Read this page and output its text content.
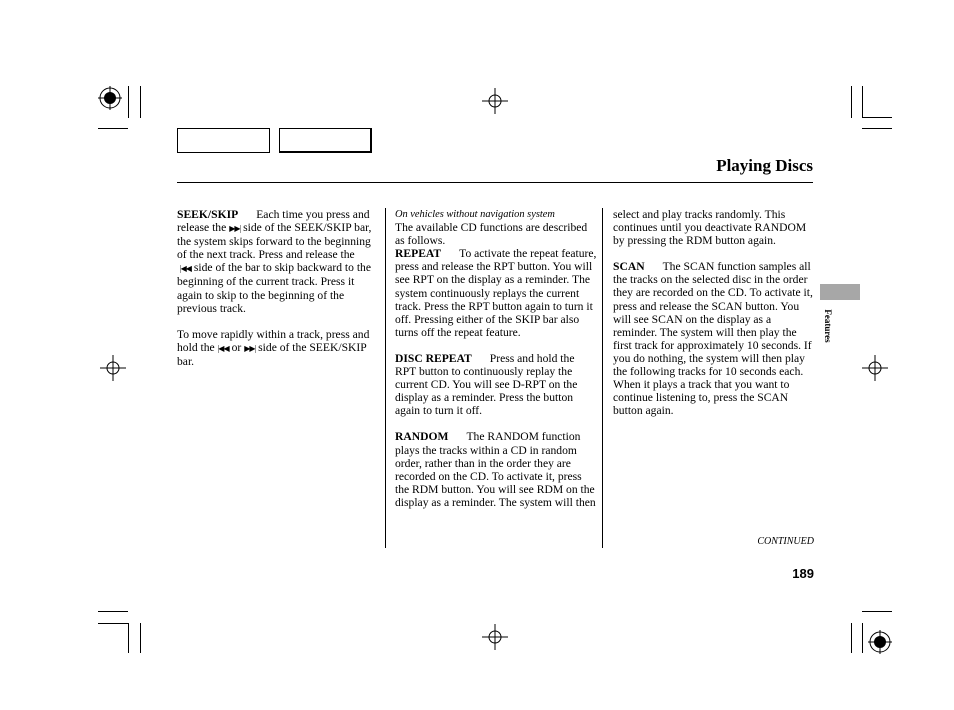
Playing Discs

SEEK/SKIP Each time you press and release the ▶▶| side of the SEEK/SKIP bar, the system skips forward to the beginning of the next track. Press and release the
|◀◀ side of the bar to skip backward to the beginning of the current track. Press it again to skip to the beginning of the previous track.

To move rapidly within a track, press and hold the |◀◀ or ▶▶| side of the SEEK/SKIP bar.

On vehicles without navigation system

The available CD functions are described as follows.

REPEAT To activate the repeat feature, press and release the RPT button. You will see RPT on the display as a reminder. The system continuously replays the current track. Press the RPT button again to turn it off. Pressing either of the SKIP bar also turns off the repeat feature.

DISC REPEAT Press and hold the RPT button to continuously replay the current CD. You will see D-RPT on the display as a reminder. Press the button again to turn it off.

RANDOM The RANDOM function plays the tracks within a CD in random order, rather than in the order they are recorded on the CD. To activate it, press the RDM button. You will see RDM on the display as a reminder. The system will then

select and play tracks randomly. This continues until you deactivate RANDOM by pressing the RDM button again.

SCAN The SCAN function samples all the tracks on the selected disc in the order they are recorded on the CD. To activate it, press and release the SCAN button. You will see SCAN on the display as a reminder. The system will then play the first track for approximately 10 seconds. If you do nothing, the system will then play the following tracks for 10 seconds each. When it plays a track that you want to continue listening to, press the SCAN button again.

Features
CONTINUED
189
